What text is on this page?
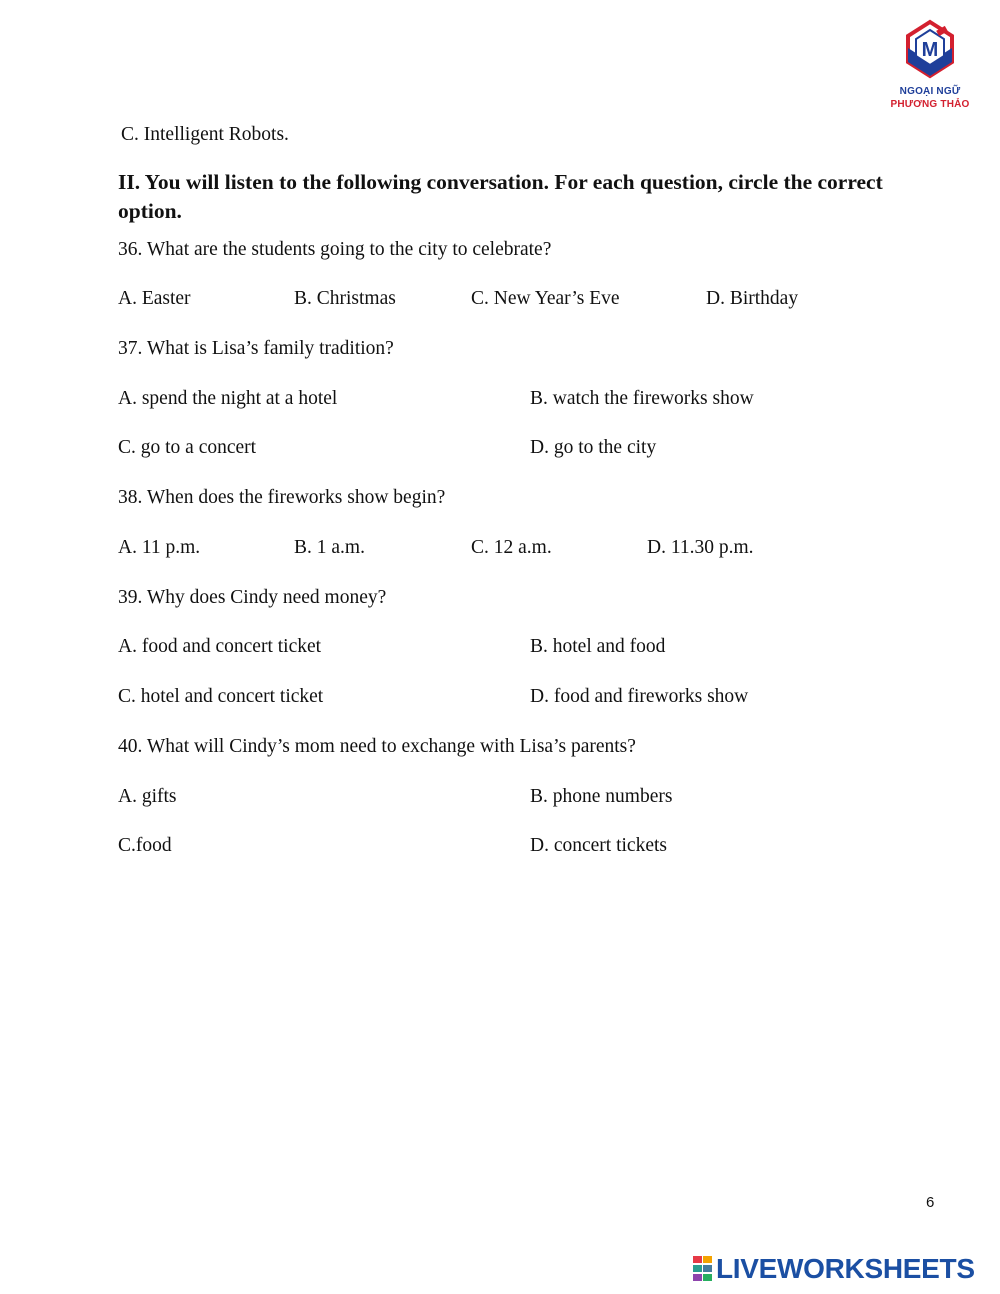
M
NGOẠI NGỮ
PHƯƠNG THẢO
C. Intelligent Robots.
II. You will listen to the following conversation. For each question, circle the correct option.
36. What are the students going to the city to celebrate?
A. Easter	B. Christmas	C. New Year’s Eve	D. Birthday
37. What is Lisa’s family tradition?
A. spend the night at a hotel	B. watch the fireworks show
C. go to a concert	D. go to the city
38. When does the fireworks show begin?
A. 11 p.m.	B. 1 a.m.	C. 12 a.m.	D. 11.30 p.m.
39. Why does Cindy need money?
A. food and concert ticket	B. hotel and food
C. hotel and concert ticket	D. food and fireworks show
40. What will Cindy’s mom need to exchange with Lisa’s parents?
A. gifts	B. phone numbers
C.food	D. concert tickets
6
LIVEWORKSHEETS
